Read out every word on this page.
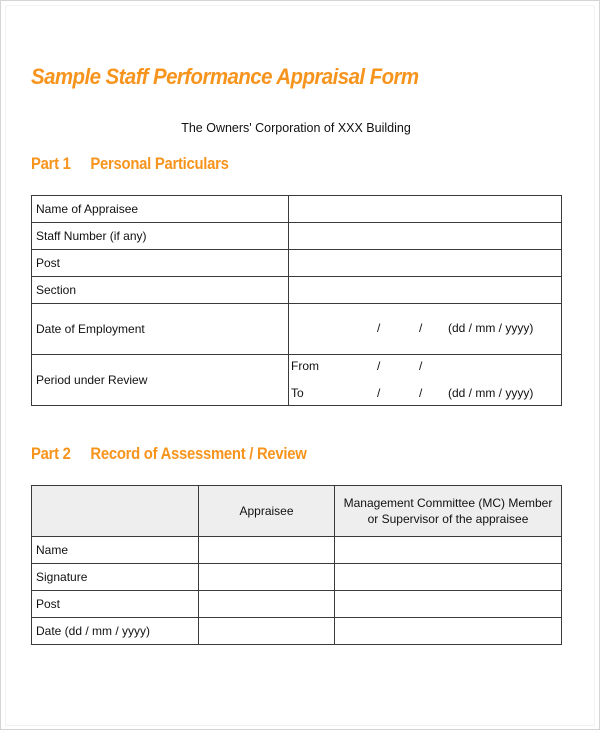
Sample Staff Performance Appraisal Form
The Owners' Corporation of XXX Building
Part 1 Personal Particulars
Name of Appraisee	
Staff Number (if any)	
Post	
Section	
Date of Employment	/ / (dd / mm / yyyy)

Period under Review	
From	/	/
To	/	/ (dd / mm / yyyy)
Part 2 Record of Assessment / Review
	Appraisee	Management Committee (MC) Member
or Supervisor of the appraisee

Name		
Signature		
Post		
Date (dd / mm / yyyy)		
